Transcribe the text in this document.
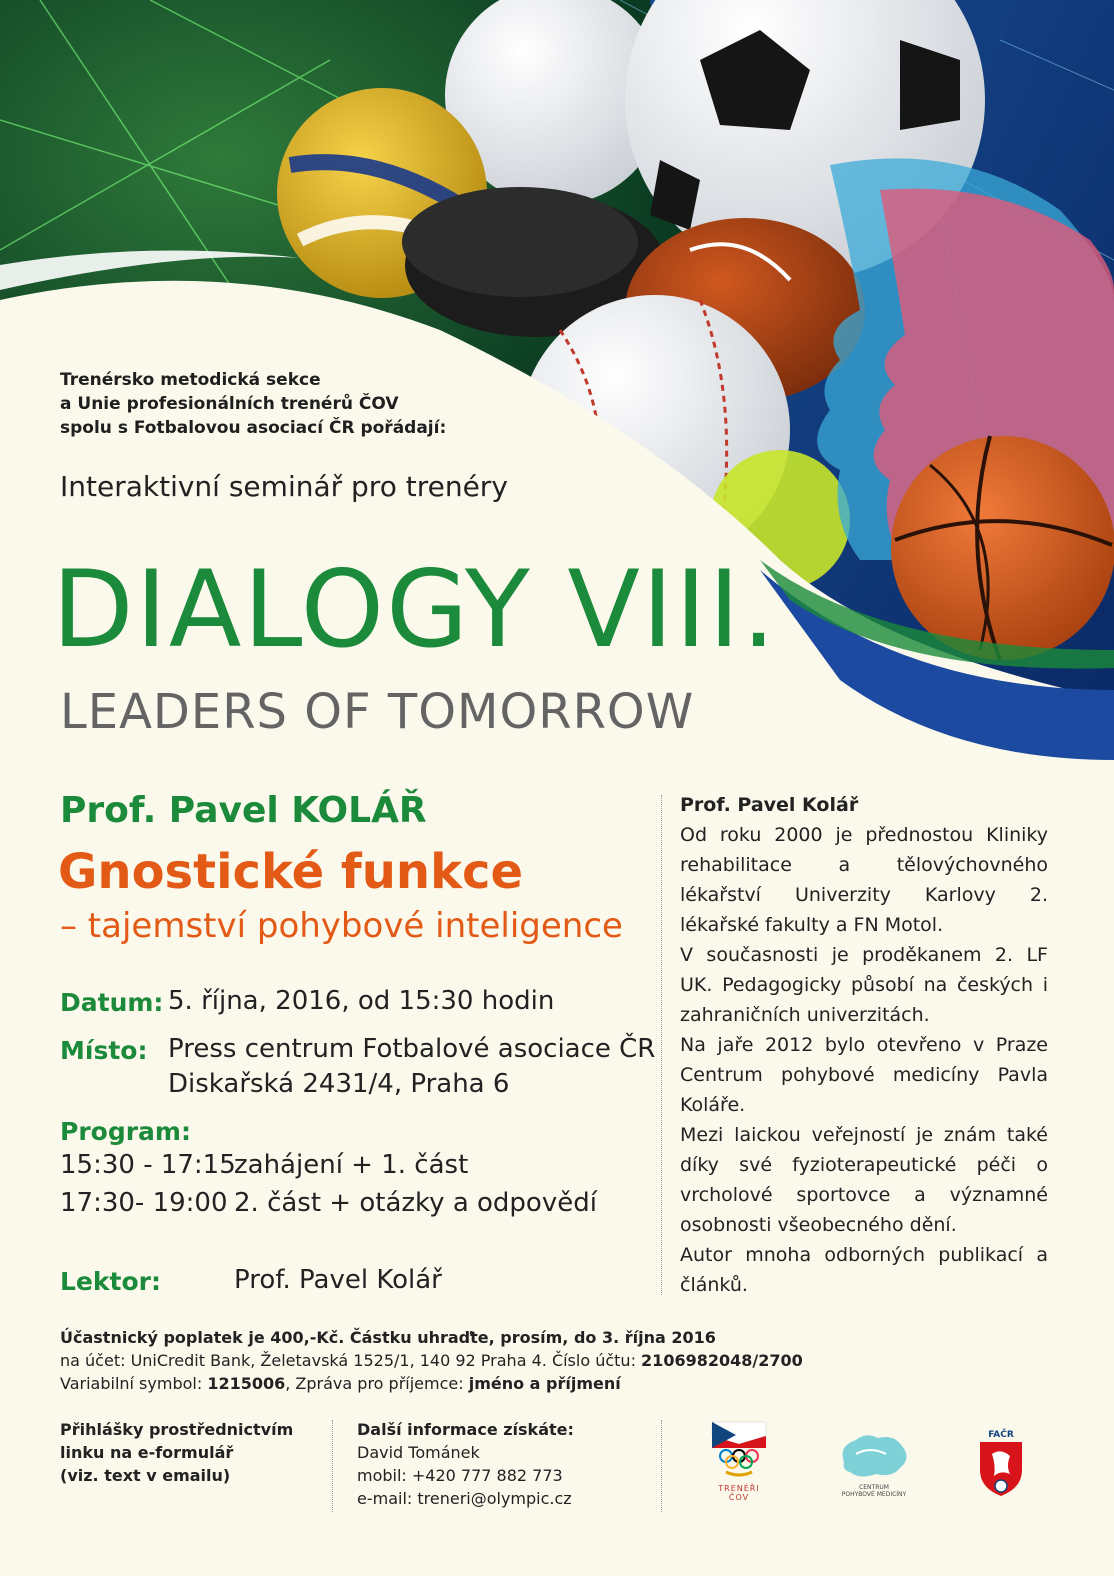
Trenérsko metodická sekce
a Unie profesionálních trenérů ČOV
spolu s Fotbalovou asociací ČR pořádají:
Interaktivní seminář pro trenéry
DIALOGY VIII.
LEADERS OF TOMORROW
Prof. Pavel KOLÁŘ
Gnostické funkce
– tajemství pohybové inteligence
Datum: 5. října, 2016, od 15:30 hodin
Místo: Press centrum Fotbalové asociace ČR
Diskařská 2431/4, Praha 6
Program:
15:30 - 17:15
zahájení + 1. část
17:30- 19:00 2. část + otázky a odpovědí
Lektor:	Prof. Pavel Kolář

Prof. Pavel Kolář

Od roku 2000 je přednostou Kliniky rehabilitace a tělovýchovného lékařství Univerzity Karlovy 2. lékařské fakulty a FN Motol.

V současnosti je proděkanem 2. LF UK. Pedagogicky působí na českých i zahraničních univerzitách.

Na jaře 2012 bylo otevřeno v Praze Centrum pohybové medicíny Pavla Koláře.

Mezi laickou veřejností je znám také díky své fyzioterapeutické péči o vrcholové sportovce a významné osobnosti všeobecného dění.

Autor mnoha odborných publikací a článků.

Účastnický poplatek je 400,-Kč. Částku uhraďte, prosím, do 3. října 2016
na účet: UniCredit Bank, Želetavská 1525/1, 140 92 Praha 4. Číslo účtu: 2106982048/2700
Variabilní symbol: 1215006, Zpráva pro příjemce: jméno a příjmení
Přihlášky prostřednictvím
linku na e-formulář
(viz. text v emailu)
Další informace získáte:
David Tománek
mobil: +420 777 882 773
e-mail: treneri@olympic.cz
TRENÉŘI
ČOV
CENTRUM
POHYBOVÉ MEDICÍNY
FAČR
